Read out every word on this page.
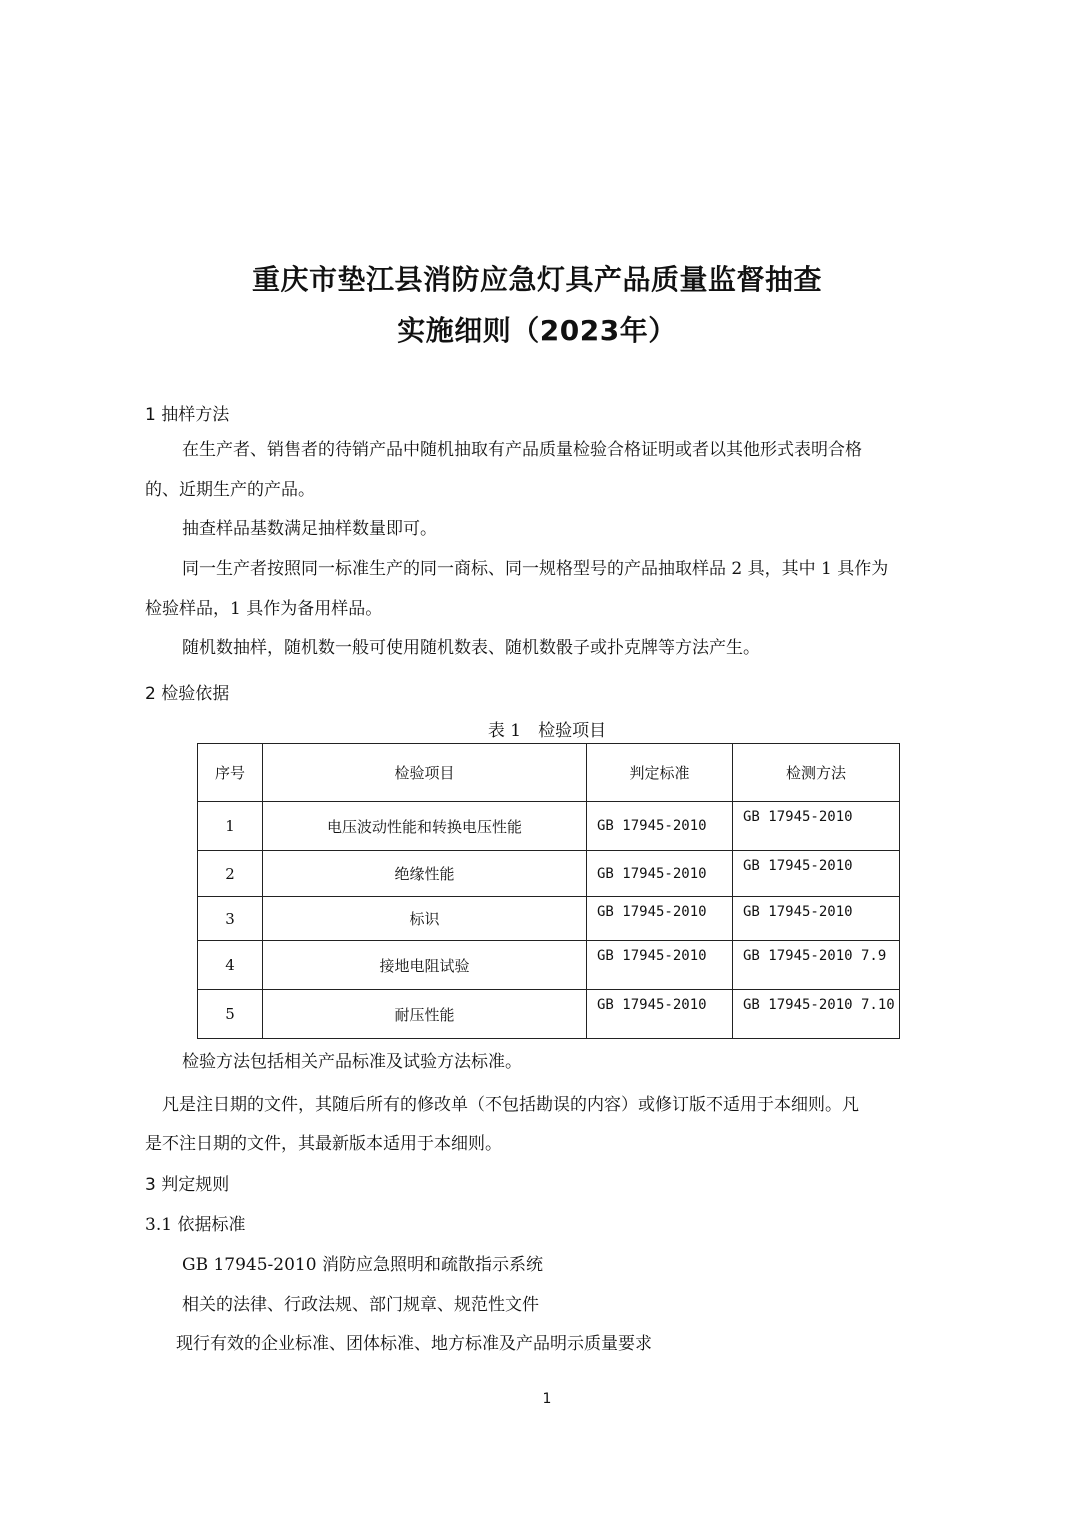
重庆市垫江县消防应急灯具产品质量监督抽查
实施细则（2023年）
1 抽样方法
在生产者、销售者的待销产品中随机抽取有产品质量检验合格证明或者以其他形式表明合格
的、近期生产的产品。
抽查样品基数满足抽样数量即可。
同一生产者按照同一标准生产的同一商标、同一规格型号的产品抽取样品 2 具，其中 1 具作为
检验样品，1 具作为备用样品。
随机数抽样，随机数一般可使用随机数表、随机数骰子或扑克牌等方法产生。
2 检验依据
表 1　检验项目
序号	检验项目	判定标准	检测方法
1	电压波动性能和转换电压性能	GB 17945-2010	GB 17945-2010
2	绝缘性能	GB 17945-2010	GB 17945-2010
3	标识	GB 17945-2010	GB 17945-2010
4	接地电阻试验	GB 17945-2010	GB 17945-2010 7.9
5	耐压性能	GB 17945-2010	GB 17945-2010 7.10
检验方法包括相关产品标准及试验方法标准。
凡是注日期的文件，其随后所有的修改单（不包括勘误的内容）或修订版不适用于本细则。凡
是不注日期的文件，其最新版本适用于本细则。
3 判定规则
3.1 依据标准
GB 17945-2010 消防应急照明和疏散指示系统
相关的法律、行政法规、部门规章、规范性文件
现行有效的企业标准、团体标准、地方标准及产品明示质量要求
1
